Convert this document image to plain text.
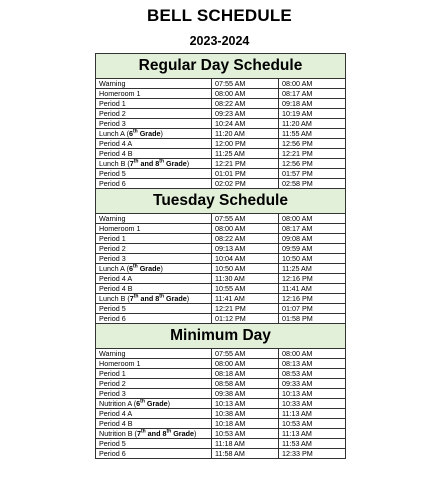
BELL SCHEDULE
2023-2024
Regular Day Schedule		
Warning	07:55 AM	08:00 AM
Homeroom 1	08:00 AM	08:17 AM
Period 1	08:22 AM	09:18 AM
Period 2	09:23 AM	10:19 AM
Period 3	10:24 AM	11:20 AM
Lunch A (6th Grade)	11:20 AM	11:55 AM
Period 4 A	12:00 PM	12:56 PM
Period 4 B	11:25 AM	12:21 PM
Lunch B (7th and 8th Grade)	12:21 PM	12:56 PM
Period 5	01:01 PM	01:57 PM
Period 6	02:02 PM	02:58 PM
Tuesday Schedule		
Warning	07:55 AM	08:00 AM
Homeroom 1	08:00 AM	08:17 AM
Period 1	08:22 AM	09:08 AM
Period 2	09:13 AM	09:59 AM
Period 3	10:04 AM	10:50 AM
Lunch A (6th Grade)	10:50 AM	11:25 AM
Period 4 A	11:30 AM	12:16 PM
Period 4 B	10:55 AM	11:41 AM
Lunch B (7th and 8th Grade)	11:41 AM	12:16 PM
Period 5	12:21 PM	01:07 PM
Period 6	01:12 PM	01:58 PM
Minimum Day		
Warning	07:55 AM	08:00 AM
Homeroom 1	08:00 AM	08:13 AM
Period 1	08:18 AM	08:53 AM
Period 2	08:58 AM	09:33 AM
Period 3	09:38 AM	10:13 AM
Nutrition A (6th Grade)	10:13 AM	10:33 AM
Period 4 A	10:38 AM	11:13 AM
Period 4 B	10:18 AM	10:53 AM
Nutrition B (7th and 8th Grade)	10:53 AM	11:13 AM
Period 5	11:18 AM	11:53 AM
Period 6	11:58 AM	12:33 PM
